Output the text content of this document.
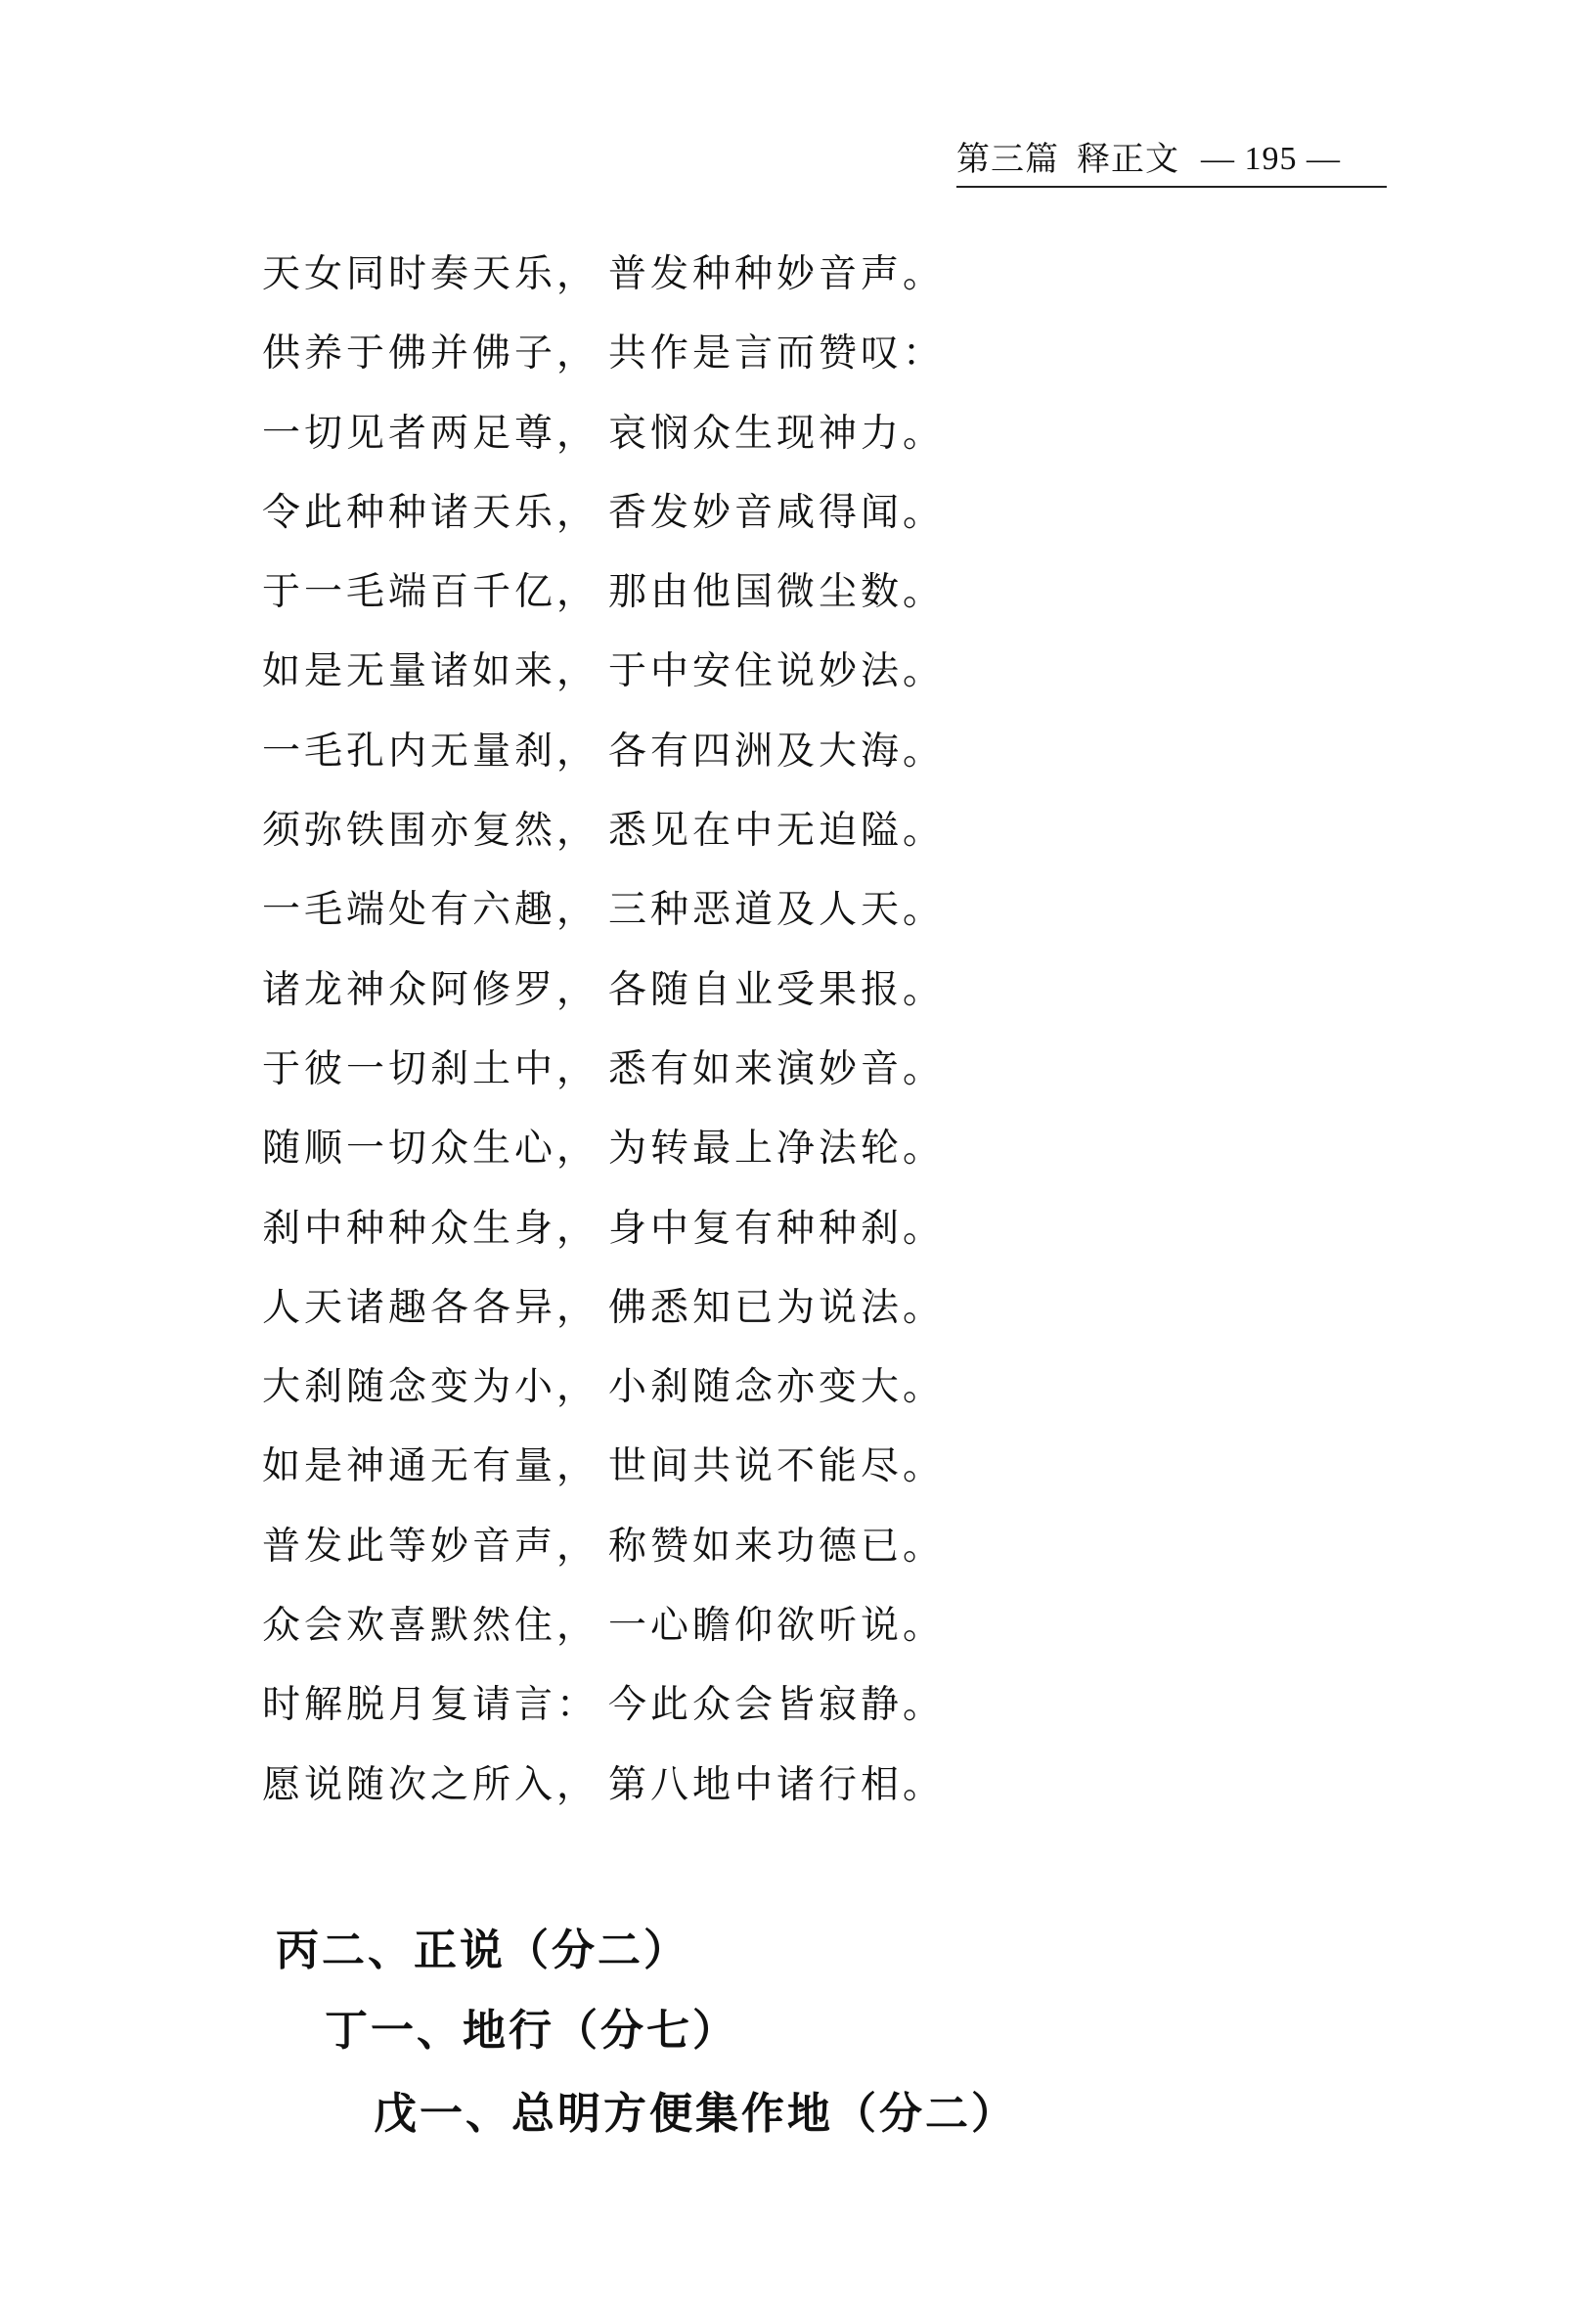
第三篇 释正文 — 195 —
天女同时奏天乐， 普发种种妙音声。
供养于佛并佛子， 共作是言而赞叹：
一切见者两足尊， 哀悯众生现神力。
令此种种诸天乐， 香发妙音咸得闻。
于一毛端百千亿， 那由他国微尘数。
如是无量诸如来， 于中安住说妙法。
一毛孔内无量刹， 各有四洲及大海。
须弥铁围亦复然， 悉见在中无迫隘。
一毛端处有六趣， 三种恶道及人天。
诸龙神众阿修罗， 各随自业受果报。
于彼一切刹土中， 悉有如来演妙音。
随顺一切众生心， 为转最上净法轮。
刹中种种众生身， 身中复有种种刹。
人天诸趣各各异， 佛悉知已为说法。
大刹随念变为小， 小刹随念亦变大。
如是神通无有量， 世间共说不能尽。
普发此等妙音声， 称赞如来功德已。
众会欢喜默然住， 一心瞻仰欲听说。
时解脱月复请言： 今此众会皆寂静。
愿说随次之所入， 第八地中诸行相。
丙二、正说（分二）
丁一、地行（分七）
戊一、总明方便集作地（分二）
